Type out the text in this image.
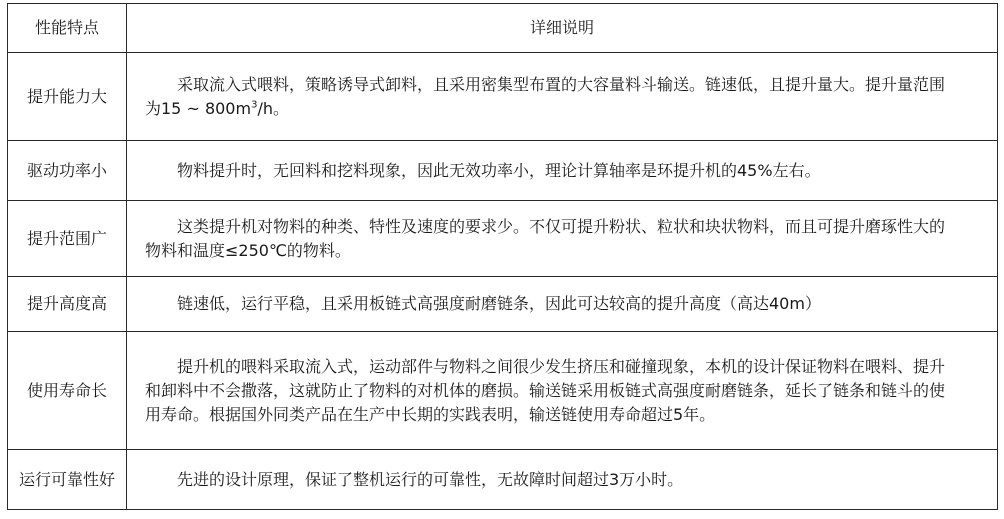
性能特点	详细说明
提升能力大	采取流入式喂料，策略诱导式卸料，且采用密集型布置的大容量料斗输送。链速低，且提升量大。提升量范围为15 ~ $800m^3/h$。

驱动功率小	物料提升时，无回料和挖料现象，因此无效功率小，理论计算轴率是环提升机的45%左右。

提升范围广	这类提升机对物料的种类、特性及速度的要求少。不仅可提升粉状、粒状和块状物料，而且可提升磨琢性大的物料和温度≤250℃的物料。

提升高度高	链速低，运行平稳，且采用板链式高强度耐磨链条，因此可达较高的提升高度（高达40m）

使用寿命长	提升机的喂料采取流入式，运动部件与物料之间很少发生挤压和碰撞现象，本机的设计保证物料在喂料、提升和卸料中不会撒落，这就防止了物料的对机体的磨损。输送链采用板链式高强度耐磨链条，延长了链条和链斗的使用寿命。根据国外同类产品在生产中长期的实践表明，输送链使用寿命超过5年。

运行可靠性好	先进的设计原理，保证了整机运行的可靠性，无故障时间超过3万小时。
